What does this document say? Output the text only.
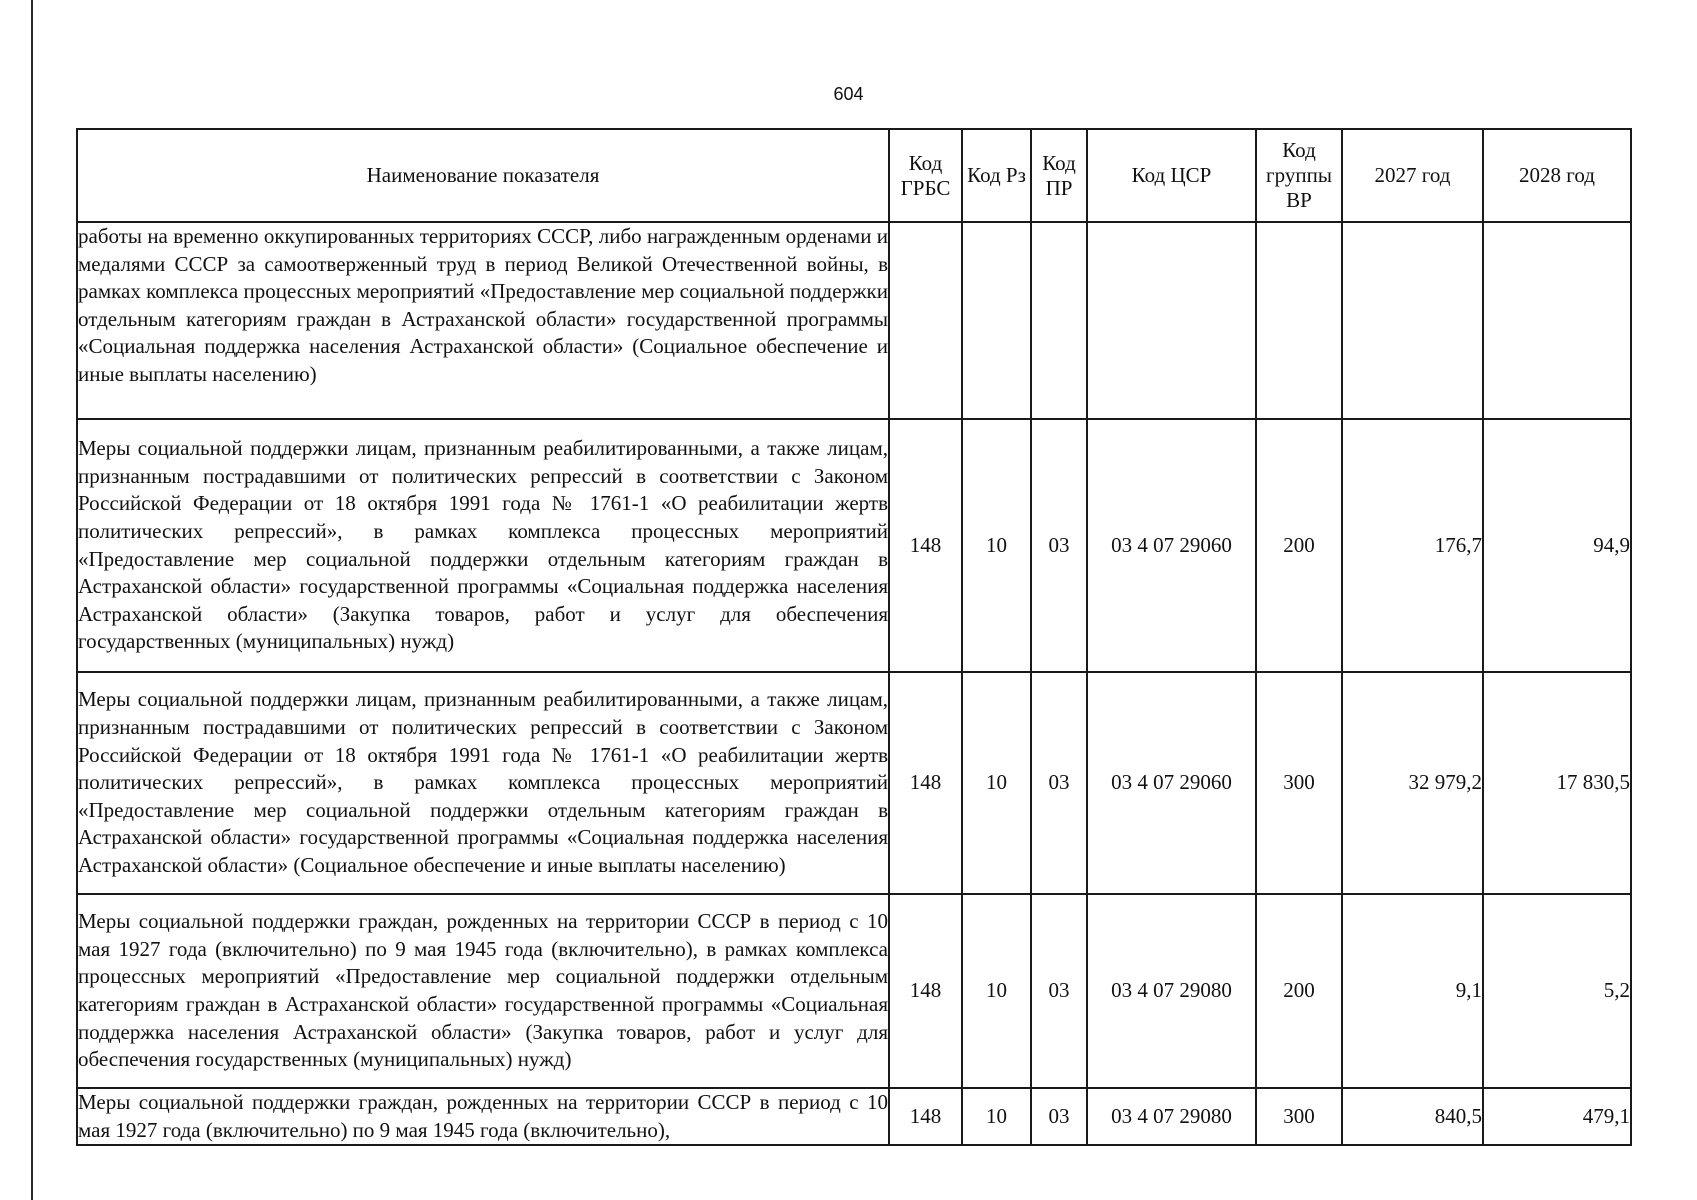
604
Наименование показателя	Код ГРБС	Код Рз	Код ПР	Код ЦСР	Код группы ВР	2027 год	2028 год
работы на временно оккупированных территориях СССР, либо награжденным орденами и медалями СССР за самоотверженный труд в период Великой Отечественной войны, в рамках комплекса процессных мероприятий «Предоставление мер социальной поддержки отдельным категориям граждан в Астраханской области» государственной программы «Социальная поддержка населения Астраханской области» (Социальное обеспечение и иные выплаты населению)							
Меры социальной поддержки лицам, признанным реабилитированными, а также лицам, признанным пострадавшими от политических репрессий в соответствии с Законом Российской Федерации от 18 октября 1991 года № 1761-1 «О реабилитации жертв политических репрессий», в рамках комплекса процессных мероприятий «Предоставление мер социальной поддержки отдельным категориям граждан в Астраханской области» государственной программы «Социальная поддержка населения Астраханской области» (Закупка товаров, работ и услуг для обеспечения государственных (муниципальных) нужд)	148	10	03	03 4 07 29060	200	176,7	94,9
Меры социальной поддержки лицам, признанным реабилитированными, а также лицам, признанным пострадавшими от политических репрессий в соответствии с Законом Российской Федерации от 18 октября 1991 года № 1761-1 «О реабилитации жертв политических репрессий», в рамках комплекса процессных мероприятий «Предоставление мер социальной поддержки отдельным категориям граждан в Астраханской области» государственной программы «Социальная поддержка населения Астраханской области» (Социальное обеспечение и иные выплаты населению)	148	10	03	03 4 07 29060	300	32 979,2	17 830,5
Меры социальной поддержки граждан, рожденных на территории СССР в период с 10 мая 1927 года (включительно) по 9 мая 1945 года (включительно), в рамках комплекса процессных мероприятий «Предоставление мер социальной поддержки отдельным категориям граждан в Астраханской области» государственной программы «Социальная поддержка населения Астраханской области» (Закупка товаров, работ и услуг для обеспечения государственных (муниципальных) нужд)	148	10	03	03 4 07 29080	200	9,1	5,2
Меры социальной поддержки граждан, рожденных на территории СССР в период с 10 мая 1927 года (включительно) по 9 мая 1945 года (включительно),	148	10	03	03 4 07 29080	300	840,5	479,1
